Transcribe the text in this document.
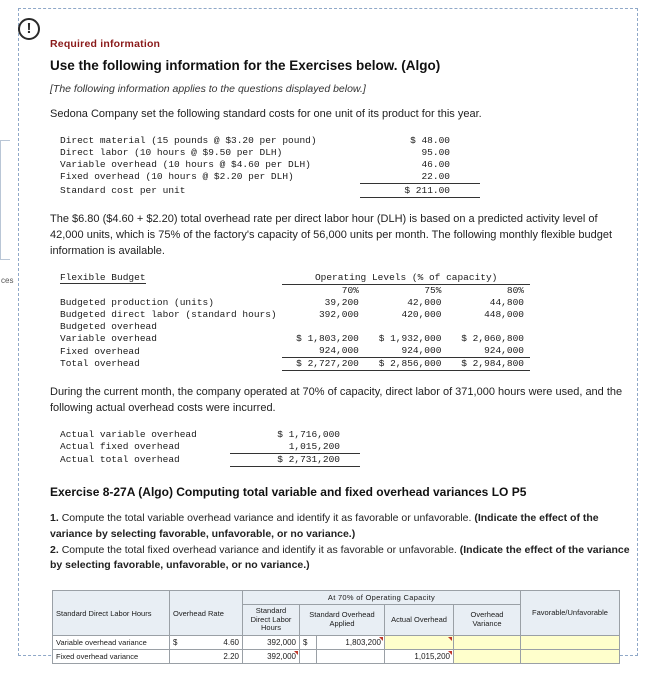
ces
!
Required information
Use the following information for the Exercises below. (Algo)
[The following information applies to the questions displayed below.]
Sedona Company set the following standard costs for one unit of its product for this year.
Direct material (15 pounds @ $3.20 per pound)	$ 48.00
Direct labor (10 hours @ $9.50 per DLH)	95.00
Variable overhead (10 hours @ $4.60 per DLH)	46.00
Fixed overhead (10 hours @ $2.20 per DLH)	22.00
Standard cost per unit	$ 211.00
The $6.80 ($4.60 + $2.20) total overhead rate per direct labor hour (DLH) is based on a predicted activity level of 42,000 units, which is 75% of the factory's capacity of 56,000 units per month. The following monthly flexible budget information is available.
Flexible Budget	Operating Levels (% of capacity)		
	70%	75%	80%
Budgeted production (units)	39,200	42,000	44,800
Budgeted direct labor (standard hours)	392,000	420,000	448,000
Budgeted overhead			
Variable overhead	$ 1,803,200	$ 1,932,000	$ 2,060,800
Fixed overhead	924,000	924,000	924,000
Total overhead	$ 2,727,200	$ 2,856,000	$ 2,984,800
During the current month, the company operated at 70% of capacity, direct labor of 371,000 hours were used, and the following actual overhead costs were incurred.
Actual variable overhead	$ 1,716,000
Actual fixed overhead	1,015,200
Actual total overhead	$ 2,731,200
Exercise 8-27A (Algo) Computing total variable and fixed overhead variances LO P5
1. Compute the total variable overhead variance and identify it as favorable or unfavorable. (Indicate the effect of the variance by selecting favorable, unfavorable, or no variance.)
2. Compute the total fixed overhead variance and identify it as favorable or unfavorable. (Indicate the effect of the variance by selecting favorable, unfavorable, or no variance.)
Standard Direct Labor Hours	Overhead Rate	At 70% of Operating Capacity					Favorable/Unfavorable
		Standard Direct Labor Hours	Standard Overhead Applied		Actual Overhead	Overhead Variance	
Variable overhead variance	$ 4.60	392,000	$	1,803,200			
Fixed overhead variance	2.20	392,000			1,015,200		
